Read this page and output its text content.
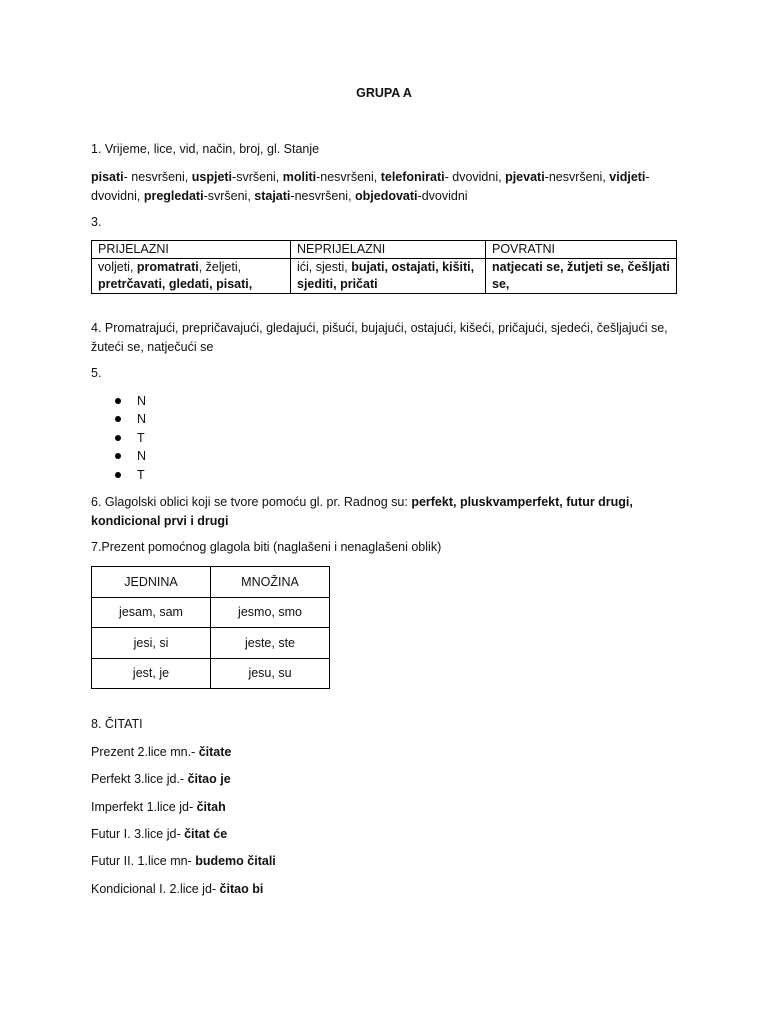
GRUPA A
1. Vrijeme, lice, vid, način, broj, gl. Stanje
pisati- nesvršeni, uspjeti-svršeni, moliti-nesvršeni, telefonirati- dvovidni, pjevati-nesvršeni, vidjeti-dvovidni, pregledati-svršeni, stajati-nesvršeni, objedovati-dvovidni
3.
PRIJELAZNI	NEPRIJELAZNI	POVRATNI
voljeti, promatrati, željeti, pretrčavati, gledati, pisati,	ići, sjesti, bujati, ostajati, kišiti, sjediti, pričati	natjecati se, žutjeti se, češljati se,
4. Promatrajući, prepričavajući, gledajući, pišući, bujajući, ostajući, kišeći, pričajući, sjedeći, češljajući se, žuteći se, natječući se
5.
N
N
T
N
T
6. Glagolski oblici koji se tvore pomoću gl. pr. Radnog su: perfekt, pluskvamperfekt, futur drugi, kondicional prvi i drugi
7.Prezent pomoćnog glagola biti (naglašeni i nenaglašeni oblik)
JEDNINA	MNOŽINA
jesam, sam	jesmo, smo
jesi, si	jeste, ste
jest, je	jesu, su
8. ČITATI
Prezent 2.lice mn.- čitate
Perfekt 3.lice jd.- čitao je
Imperfekt 1.lice jd- čitah
Futur I. 3.lice jd- čitat će
Futur II. 1.lice mn- budemo čitali
Kondicional I. 2.lice jd- čitao bi
